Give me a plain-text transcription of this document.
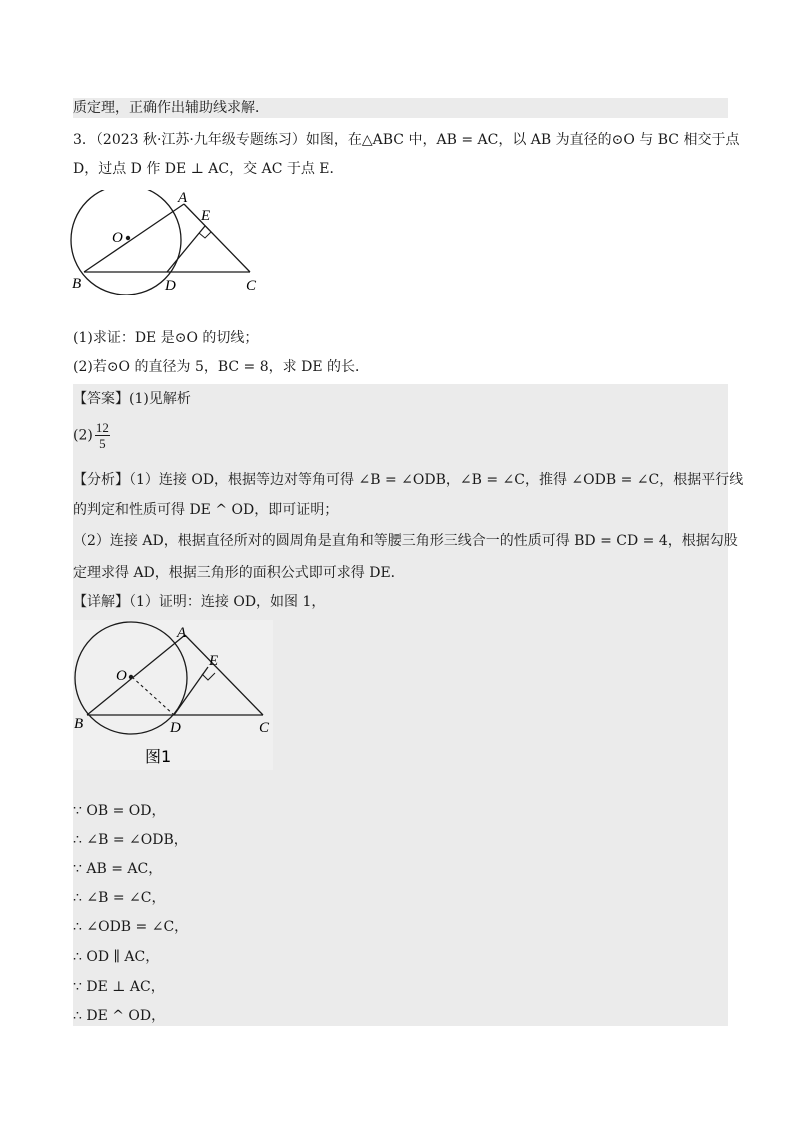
质定理，正确作出辅助线求解．
3．（2023 秋·江苏·九年级专题练习）如图，在△ABC 中，AB = AC，以 AB 为直径的⊙O 与 BC 相交于点
D，过点 D 作 DE ⊥ AC，交 AC 于点 E．
A
E
O
B	D	C
(1)求证：DE 是⊙O 的切线；
(2)若⊙O 的直径为 5，BC = 8，求 DE 的长．
【答案】(1)见解析
$(2) \frac{12}{5}$
【分析】（1）连接 OD，根据等边对等角可得 ∠B = ∠ODB，∠B = ∠C，推得 ∠ODB = ∠C，根据平行线
的判定和性质可得 DE ^ OD，即可证明；
（2）连接 AD，根据直径所对的圆周角是直角和等腰三角形三线合一的性质可得 BD = CD = 4，根据勾股
定理求得 AD，根据三角形的面积公式即可求得 DE．
【详解】（1）证明：连接 OD，如图 1，
A
E
O
B	D	C
图1
∵ OB = OD，
∴ ∠B = ∠ODB，
∵ AB = AC，
∴ ∠B = ∠C，
∴ ∠ODB = ∠C，
∴ OD ∥ AC，
∵ DE ⊥ AC，
∴ DE ^ OD，
